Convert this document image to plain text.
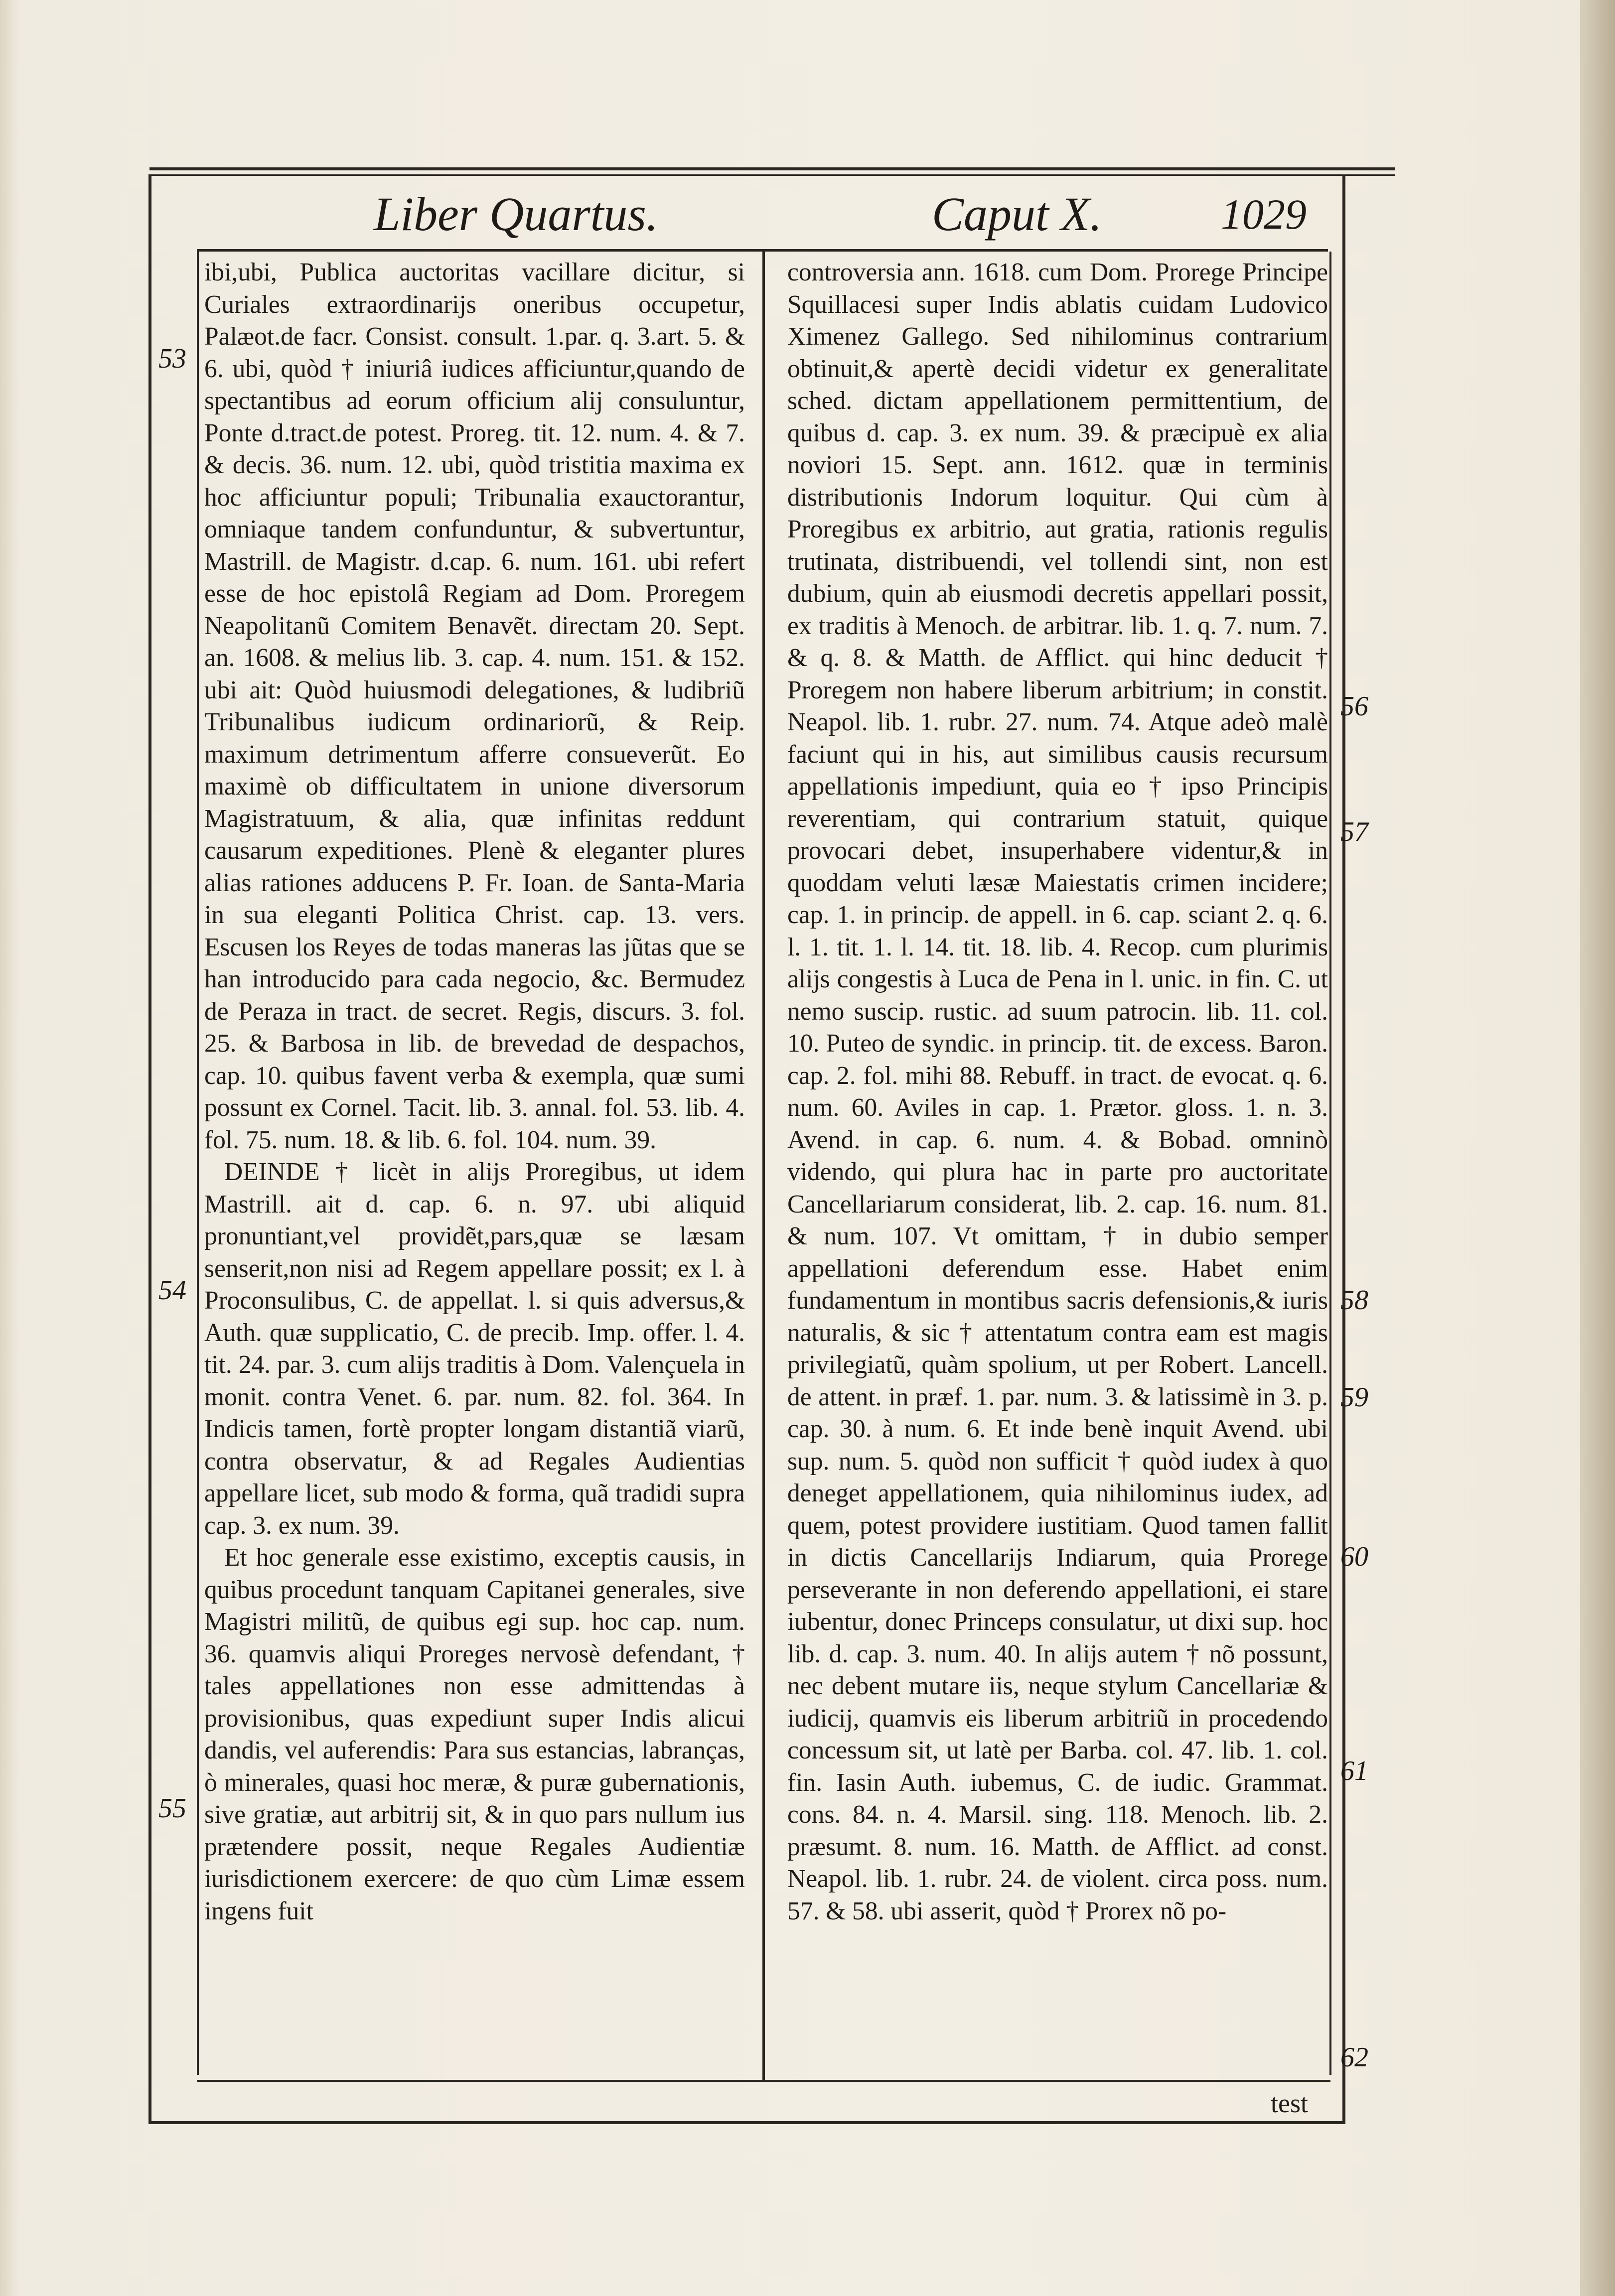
Liber Quartus.	Caput X.	1029

ibi,ubi, Publica auctoritas vacillare dicitur, si Curiales extraordinarijs oneribus occupetur, Palæot.de facr. Consist. consult. 1.par. q. 3.art. 5. & 6. ubi, quòd † iniuriâ iudices afficiuntur,quando de spectantibus ad eorum officium alij consuluntur, Ponte d.tract.de potest. Proreg. tit. 12. num. 4. & 7. & decis. 36. num. 12. ubi, quòd tristitia maxima ex hoc afficiuntur populi; Tribunalia exauctorantur, omniaque tandem confunduntur, & subvertuntur, Mastrill. de Magistr. d.cap. 6. num. 161. ubi refert esse de hoc epistolâ Regiam ad Dom. Proregem Neapolitanũ Comitem Benavẽt. directam 20. Sept. an. 1608. & melius lib. 3. cap. 4. num. 151. & 152. ubi ait: Quòd huiusmodi delegationes, & ludibriũ Tribunalibus iudicum ordinariorũ, & Reip. maximum detrimentum afferre consueverũt. Eo maximè ob difficultatem in unione diversorum Magistratuum, & alia, quæ infinitas reddunt causarum expeditiones. Plenè & eleganter plures alias rationes adducens P. Fr. Ioan. de Santa-Maria in sua eleganti Politica Christ. cap. 13. vers. Escusen los Reyes de todas maneras las jũtas que se han introducido para cada negocio, &c. Bermudez de Peraza in tract. de secret. Regis, discurs. 3. fol. 25. & Barbosa in lib. de brevedad de despachos, cap. 10. quibus favent verba & exempla, quæ sumi possunt ex Cornel. Tacit. lib. 3. annal. fol. 53. lib. 4. fol. 75. num. 18. & lib. 6. fol. 104. num. 39.

DEINDE † licèt in alijs Proregibus, ut idem Mastrill. ait d. cap. 6. n. 97. ubi aliquid pronuntiant,vel providẽt,pars,quæ se læsam senserit,non nisi ad Regem appellare possit; ex l. à Proconsulibus, C. de appellat. l. si quis adversus,& Auth. quæ supplicatio, C. de precib. Imp. offer. l. 4. tit. 24. par. 3. cum alijs traditis à Dom. Valençuela in monit. contra Venet. 6. par. num. 82. fol. 364. In Indicis tamen, fortè propter longam distantiã viarũ, contra observatur, & ad Regales Audientias appellare licet, sub modo & forma, quã tradidi supra cap. 3. ex num. 39.

Et hoc generale esse existimo, exceptis causis, in quibus procedunt tanquam Capitanei generales, sive Magistri militũ, de quibus egi sup. hoc cap. num. 36. quamvis aliqui Proreges nervosè defendant, † tales appellationes non esse admittendas à provisionibus, quas expediunt super Indis alicui dandis, vel auferendis: Para sus estancias, labranças, ò minerales, quasi hoc meræ, & puræ gubernationis, sive gratiæ, aut arbitrij sit, & in quo pars nullum ius prætendere possit, neque Regales Audientiæ iurisdictionem exercere: de quo cùm Limæ essem ingens fuit

controversia ann. 1618. cum Dom. Prorege Principe Squillacesi super Indis ablatis cuidam Ludovico Ximenez Gallego. Sed nihilominus contrarium obtinuit,& apertè decidi videtur ex generalitate sched. dictam appellationem permittentium, de quibus d. cap. 3. ex num. 39. & præcipuè ex alia noviori 15. Sept. ann. 1612. quæ in terminis distributionis Indorum loquitur. Qui cùm à Proregibus ex arbitrio, aut gratia, rationis regulis trutinata, distribuendi, vel tollendi sint, non est dubium, quin ab eiusmodi decretis appellari possit, ex traditis à Menoch. de arbitrar. lib. 1. q. 7. num. 7. & q. 8. & Matth. de Afflict. qui hinc deducit † Proregem non habere liberum arbitrium; in constit. Neapol. lib. 1. rubr. 27. num. 74. Atque adeò malè faciunt qui in his, aut similibus causis recursum appellationis impediunt, quia eo † ipso Principis reverentiam, qui contrarium statuit, quique provocari debet, insuperhabere videntur,& in quoddam veluti læsæ Maiestatis crimen incidere; cap. 1. in princip. de appell. in 6. cap. sciant 2. q. 6. l. 1. tit. 1. l. 14. tit. 18. lib. 4. Recop. cum plurimis alijs congestis à Luca de Pena in l. unic. in fin. C. ut nemo suscip. rustic. ad suum patrocin. lib. 11. col. 10. Puteo de syndic. in princip. tit. de excess. Baron. cap. 2. fol. mihi 88. Rebuff. in tract. de evocat. q. 6. num. 60. Aviles in cap. 1. Prætor. gloss. 1. n. 3. Avend. in cap. 6. num. 4. & Bobad. omninò videndo, qui plura hac in parte pro auctoritate Cancellariarum considerat, lib. 2. cap. 16. num. 81. & num. 107. Vt omittam, † in dubio semper appellationi deferendum esse. Habet enim fundamentum in montibus sacris defensionis,& iuris naturalis, & sic † attentatum contra eam est magis privilegiatũ, quàm spolium, ut per Robert. Lancell. de attent. in præf. 1. par. num. 3. & latissimè in 3. p. cap. 30. à num. 6. Et inde benè inquit Avend. ubi sup. num. 5. quòd non sufficit † quòd iudex à quo deneget appellationem, quia nihilominus iudex, ad quem, potest providere iustitiam. Quod tamen fallit in dictis Cancellarijs Indiarum, quia Prorege perseverante in non deferendo appellationi, ei stare iubentur, donec Princeps consulatur, ut dixi sup. hoc lib. d. cap. 3. num. 40. In alijs autem † nõ possunt, nec debent mutare iis, neque stylum Cancellariæ & iudicij, quamvis eis liberum arbitriũ in procedendo concessum sit, ut latè per Barba. col. 47. lib. 1. col. fin. Iasin Auth. iubemus, C. de iudic. Grammat. cons. 84. n. 4. Marsil. sing. 118. Menoch. lib. 2. præsumt. 8. num. 16. Matth. de Afflict. ad const. Neapol. lib. 1. rubr. 24. de violent. circa poss. num. 57. & 58. ubi asserit, quòd † Prorex nõ po-

53
54
55
56
57
58
59
60
61
62
test
